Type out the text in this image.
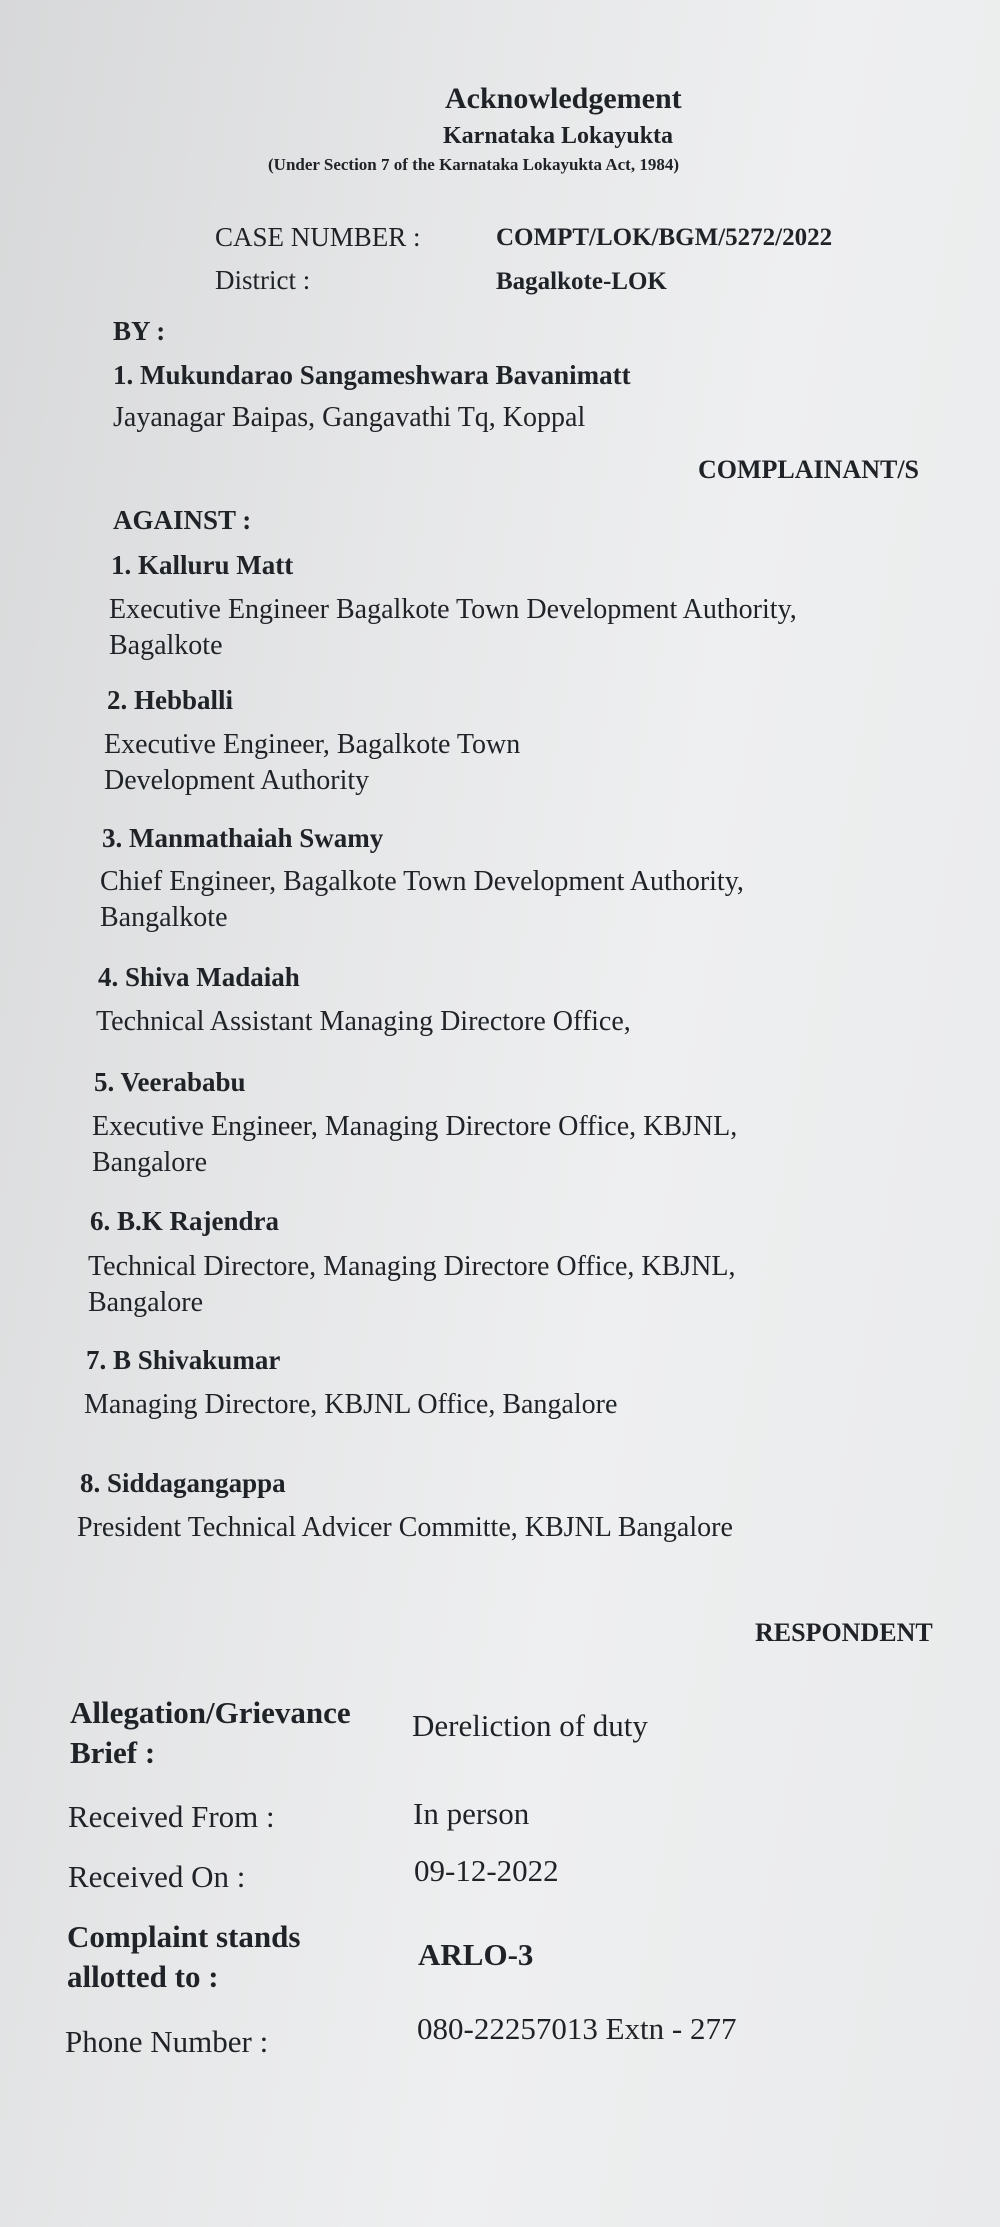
Acknowledgement
Karnataka Lokayukta
(Under Section 7 of the Karnataka Lokayukta Act, 1984)
CASE NUMBER :	COMPT/LOK/BGM/5272/2022
District :	Bagalkote-LOK
BY :
1. Mukundarao Sangameshwara Bavanimatt
Jayanagar Baipas, Gangavathi Tq, Koppal
COMPLAINANT/S
AGAINST :
1. Kalluru Matt
Executive Engineer Bagalkote Town Development Authority, Bagalkote
2. Hebballi
Executive Engineer, Bagalkote Town Development Authority
3. Manmathaiah Swamy
Chief Engineer, Bagalkote Town Development Authority, Bangalkote
4. Shiva Madaiah
Technical Assistant Managing Directore Office,
5. Veerababu
Executive Engineer, Managing Directore Office, KBJNL, Bangalore
6. B.K Rajendra
Technical Directore, Managing Directore Office, KBJNL, Bangalore
7. B Shivakumar
Managing Directore, KBJNL Office, Bangalore
8. Siddagangappa
President Technical Advicer Committe, KBJNL Bangalore
RESPONDENT
Allegation/Grievance Brief :
Dereliction of duty
Received From :	In person
Received On :	09-12-2022
Complaint stands allotted to :
ARLO-3
Phone Number :	080-22257013 Extn - 277
